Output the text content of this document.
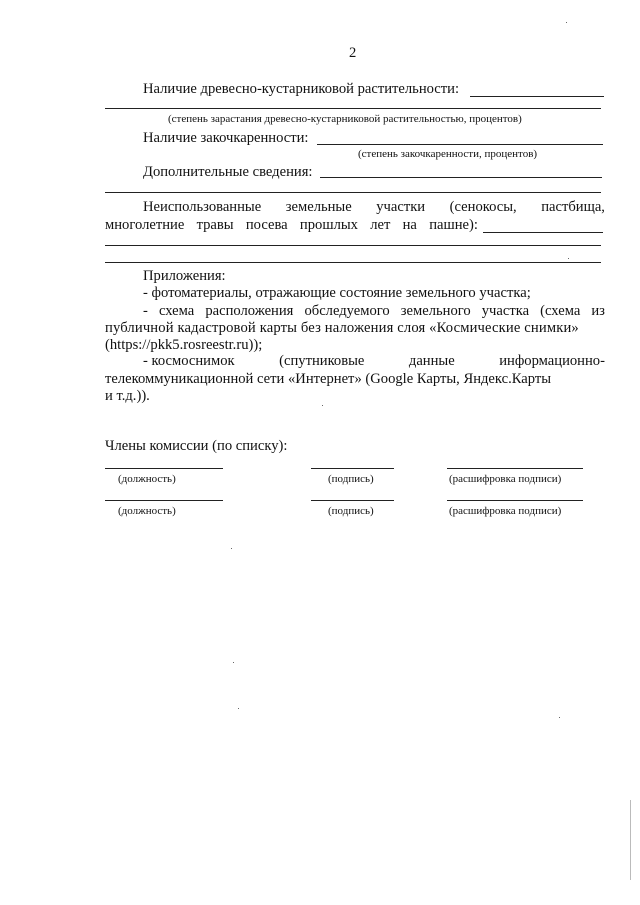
2
Наличие древесно-кустарниковой растительности:
(степень зарастания древесно-кустарниковой растительностью, процентов)
Наличие закочкаренности:
(степень закочкаренности, процентов)
Дополнительные сведения:
Неиспользованные земельные участки (сенокосы, пастбища,
многолетние травы посева прошлых лет на пашне):
Приложения:
- фотоматериалы, отражающие состояние земельного участка;
- схема расположения обследуемого земельного участка (схема из
публичной кадастровой карты без наложения слоя «Космические снимки»
(https://pkk5.rosreestr.ru));
- космоснимок	(спутниковые	данные	информационно-
телекоммуникационной сети «Интернет» (Google Карты, Яндекс.Карты
и т.д.)).
Члены комиссии (по списку):
(должность)	(подпись)	(расшифровка подписи)
(должность)	(подпись)	(расшифровка подписи)
